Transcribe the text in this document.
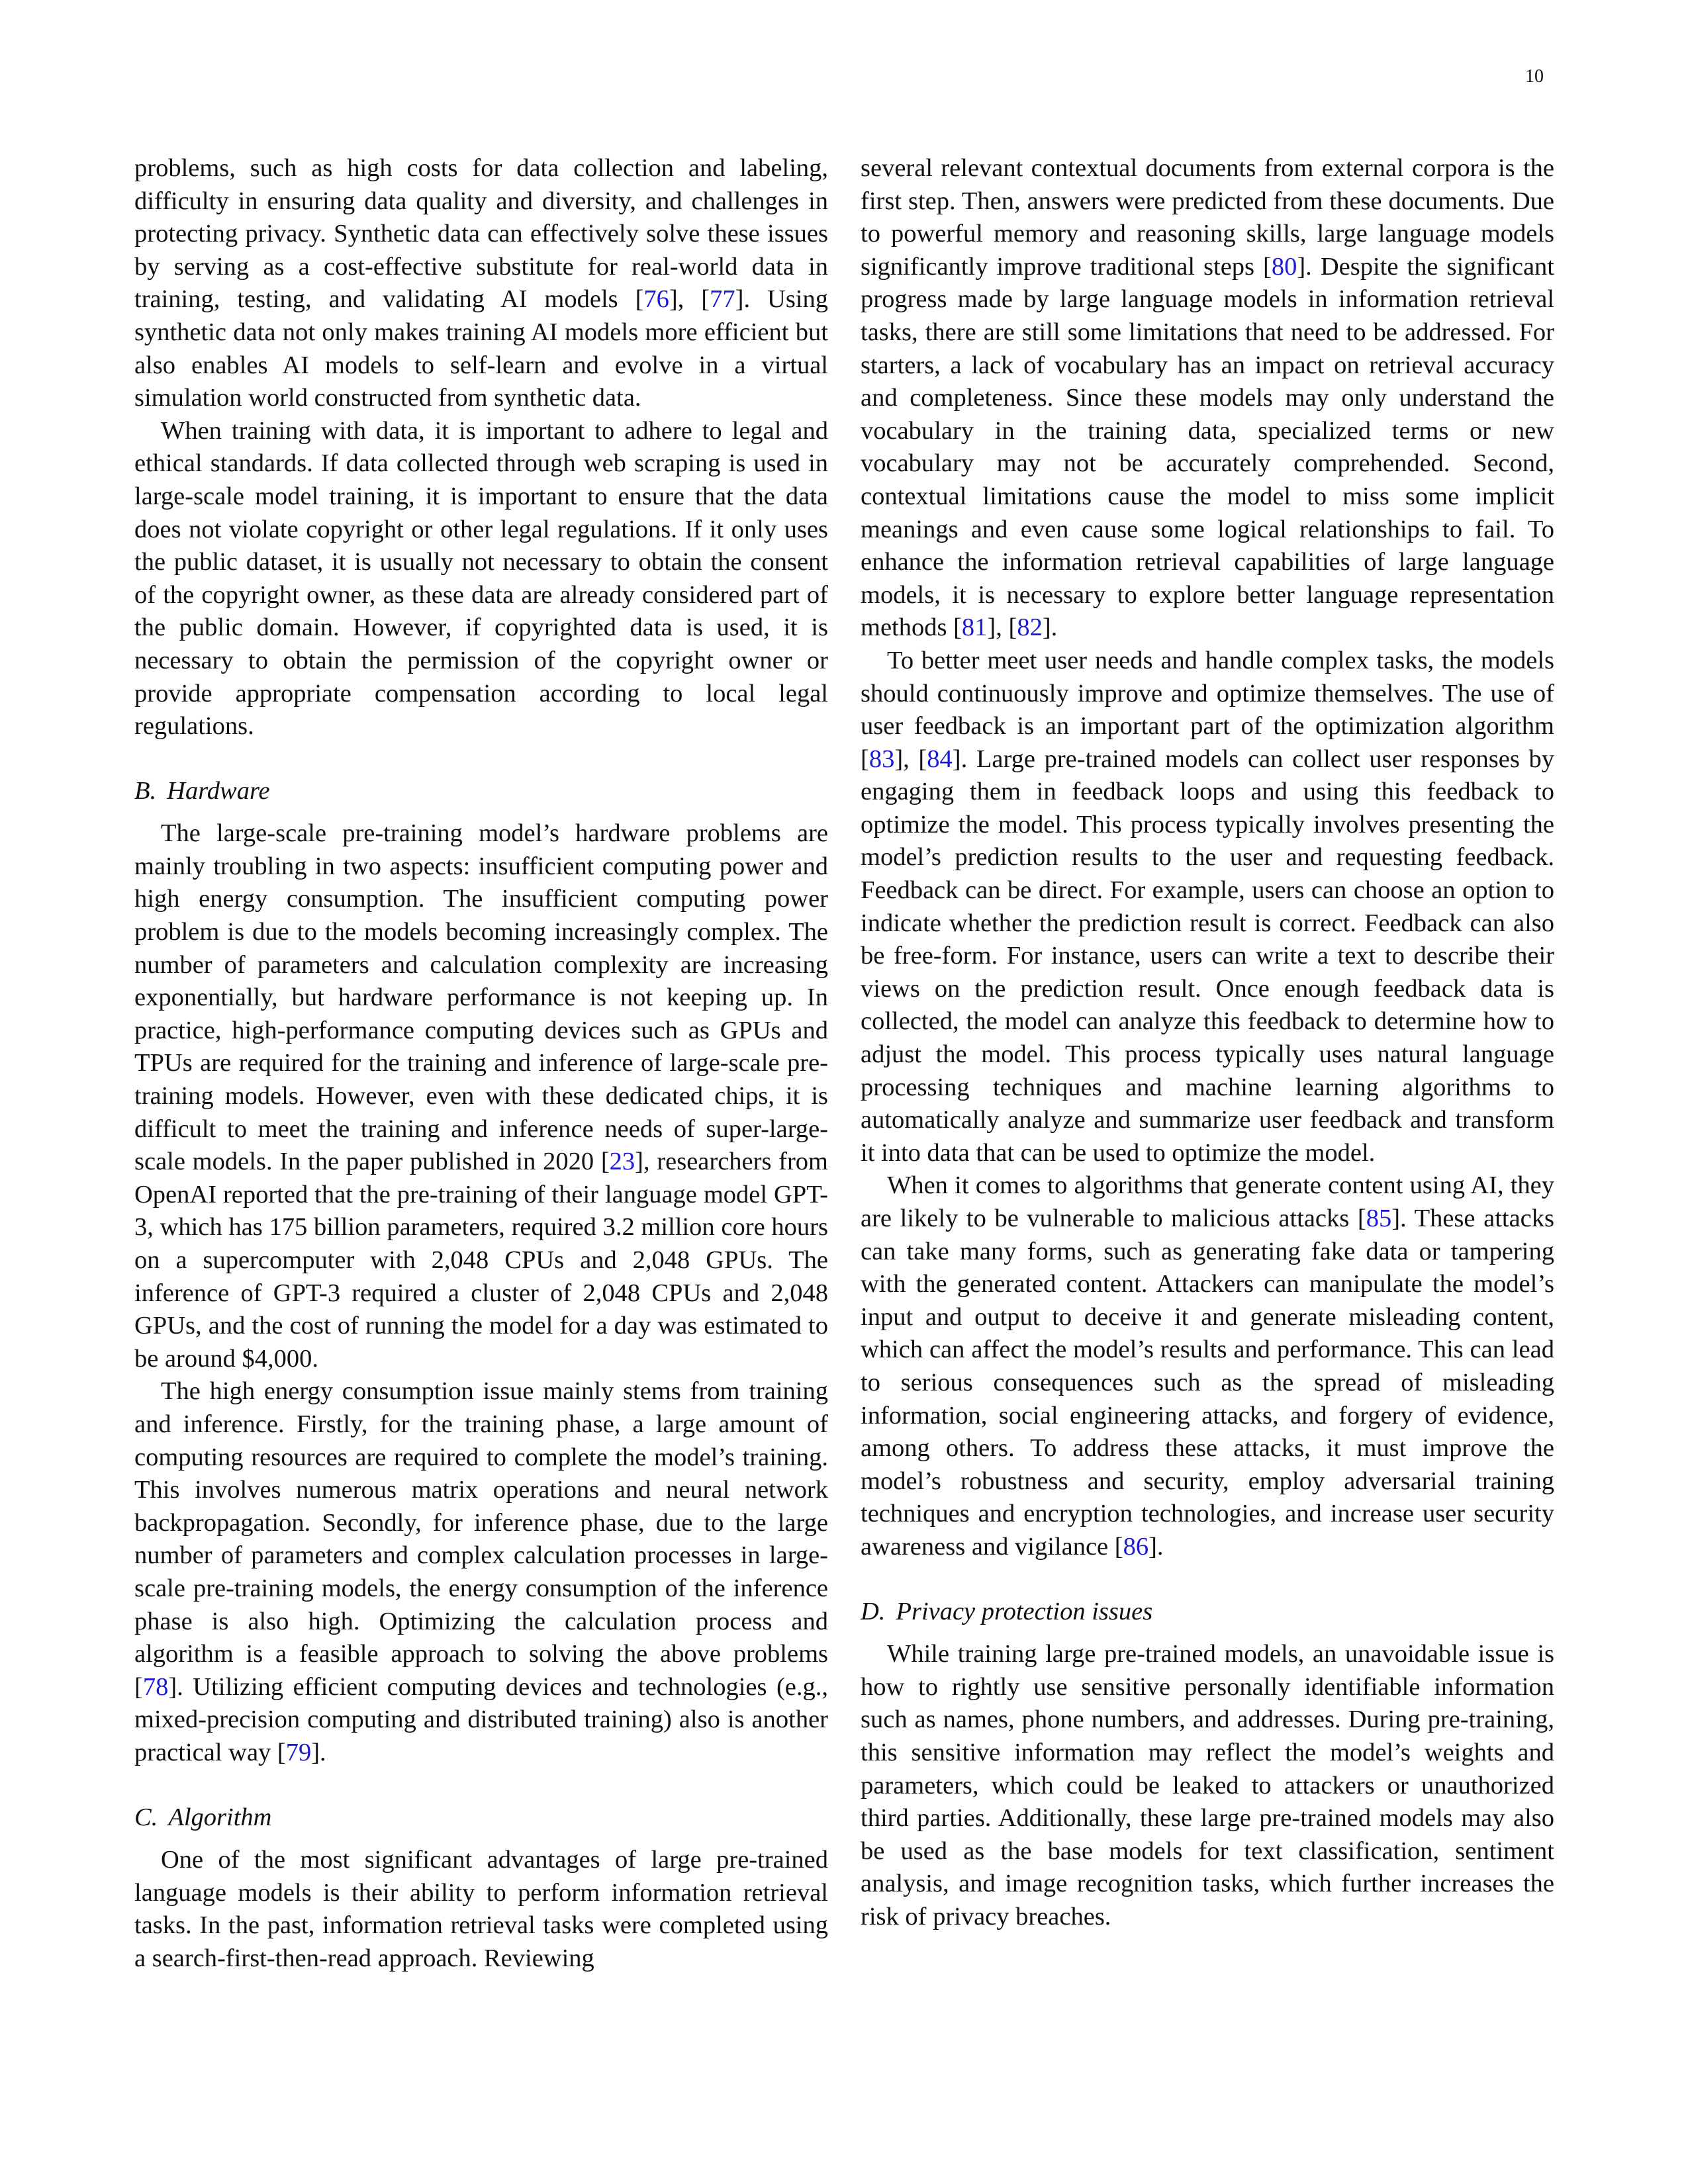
10

problems, such as high costs for data collection and labeling, difficulty in ensuring data quality and diversity, and challenges in protecting privacy. Synthetic data can effectively solve these issues by serving as a cost-effective substitute for real-world data in training, testing, and validating AI models [76], [77]. Using synthetic data not only makes training AI models more efficient but also enables AI models to self-learn and evolve in a virtual simulation world constructed from synthetic data.

When training with data, it is important to adhere to legal and ethical standards. If data collected through web scraping is used in large-scale model training, it is important to ensure that the data does not violate copyright or other legal regulations. If it only uses the public dataset, it is usually not necessary to obtain the consent of the copyright owner, as these data are already considered part of the public domain. However, if copyrighted data is used, it is necessary to obtain the permission of the copyright owner or provide appropriate compensation according to local legal regulations.

B. Hardware

The large-scale pre-training model’s hardware problems are mainly troubling in two aspects: insufficient computing power and high energy consumption. The insufficient computing power problem is due to the models becoming increasingly complex. The number of parameters and calculation complexity are increasing exponentially, but hardware performance is not keeping up. In practice, high-performance computing devices such as GPUs and TPUs are required for the training and inference of large-scale pre-training models. However, even with these dedicated chips, it is difficult to meet the training and inference needs of super-large-scale models. In the paper published in 2020 [23], researchers from OpenAI reported that the pre-training of their language model GPT-3, which has 175 billion parameters, required 3.2 million core hours on a supercomputer with 2,048 CPUs and 2,048 GPUs. The inference of GPT-3 required a cluster of 2,048 CPUs and 2,048 GPUs, and the cost of running the model for a day was estimated to be around $4,000.

The high energy consumption issue mainly stems from training and inference. Firstly, for the training phase, a large amount of computing resources are required to complete the model’s training. This involves numerous matrix operations and neural network backpropagation. Secondly, for inference phase, due to the large number of parameters and complex calculation processes in large-scale pre-training models, the energy consumption of the inference phase is also high. Optimizing the calculation process and algorithm is a feasible approach to solving the above problems [78]. Utilizing efficient computing devices and technologies (e.g., mixed-precision computing and distributed training) also is another practical way [79].

C. Algorithm

One of the most significant advantages of large pre-trained language models is their ability to perform information retrieval tasks. In the past, information retrieval tasks were completed using a search-first-then-read approach. Reviewing

several relevant contextual documents from external corpora is the first step. Then, answers were predicted from these documents. Due to powerful memory and reasoning skills, large language models significantly improve traditional steps [80]. Despite the significant progress made by large language models in information retrieval tasks, there are still some limitations that need to be addressed. For starters, a lack of vocabulary has an impact on retrieval accuracy and completeness. Since these models may only understand the vocabulary in the training data, specialized terms or new vocabulary may not be accurately comprehended. Second, contextual limitations cause the model to miss some implicit meanings and even cause some logical relationships to fail. To enhance the information retrieval capabilities of large language models, it is necessary to explore better language representation methods [81], [82].

To better meet user needs and handle complex tasks, the models should continuously improve and optimize themselves. The use of user feedback is an important part of the optimization algorithm [83], [84]. Large pre-trained models can collect user responses by engaging them in feedback loops and using this feedback to optimize the model. This process typically involves presenting the model’s prediction results to the user and requesting feedback. Feedback can be direct. For example, users can choose an option to indicate whether the prediction result is correct. Feedback can also be free-form. For instance, users can write a text to describe their views on the prediction result. Once enough feedback data is collected, the model can analyze this feedback to determine how to adjust the model. This process typically uses natural language processing techniques and machine learning algorithms to automatically analyze and summarize user feedback and transform it into data that can be used to optimize the model.

When it comes to algorithms that generate content using AI, they are likely to be vulnerable to malicious attacks [85]. These attacks can take many forms, such as generating fake data or tampering with the generated content. Attackers can manipulate the model’s input and output to deceive it and generate misleading content, which can affect the model’s results and performance. This can lead to serious consequences such as the spread of misleading information, social engineering attacks, and forgery of evidence, among others. To address these attacks, it must improve the model’s robustness and security, employ adversarial training techniques and encryption technologies, and increase user security awareness and vigilance [86].

D. Privacy protection issues

While training large pre-trained models, an unavoidable issue is how to rightly use sensitive personally identifiable information such as names, phone numbers, and addresses. During pre-training, this sensitive information may reflect the model’s weights and parameters, which could be leaked to attackers or unauthorized third parties. Additionally, these large pre-trained models may also be used as the base models for text classification, sentiment analysis, and image recognition tasks, which further increases the risk of privacy breaches.
